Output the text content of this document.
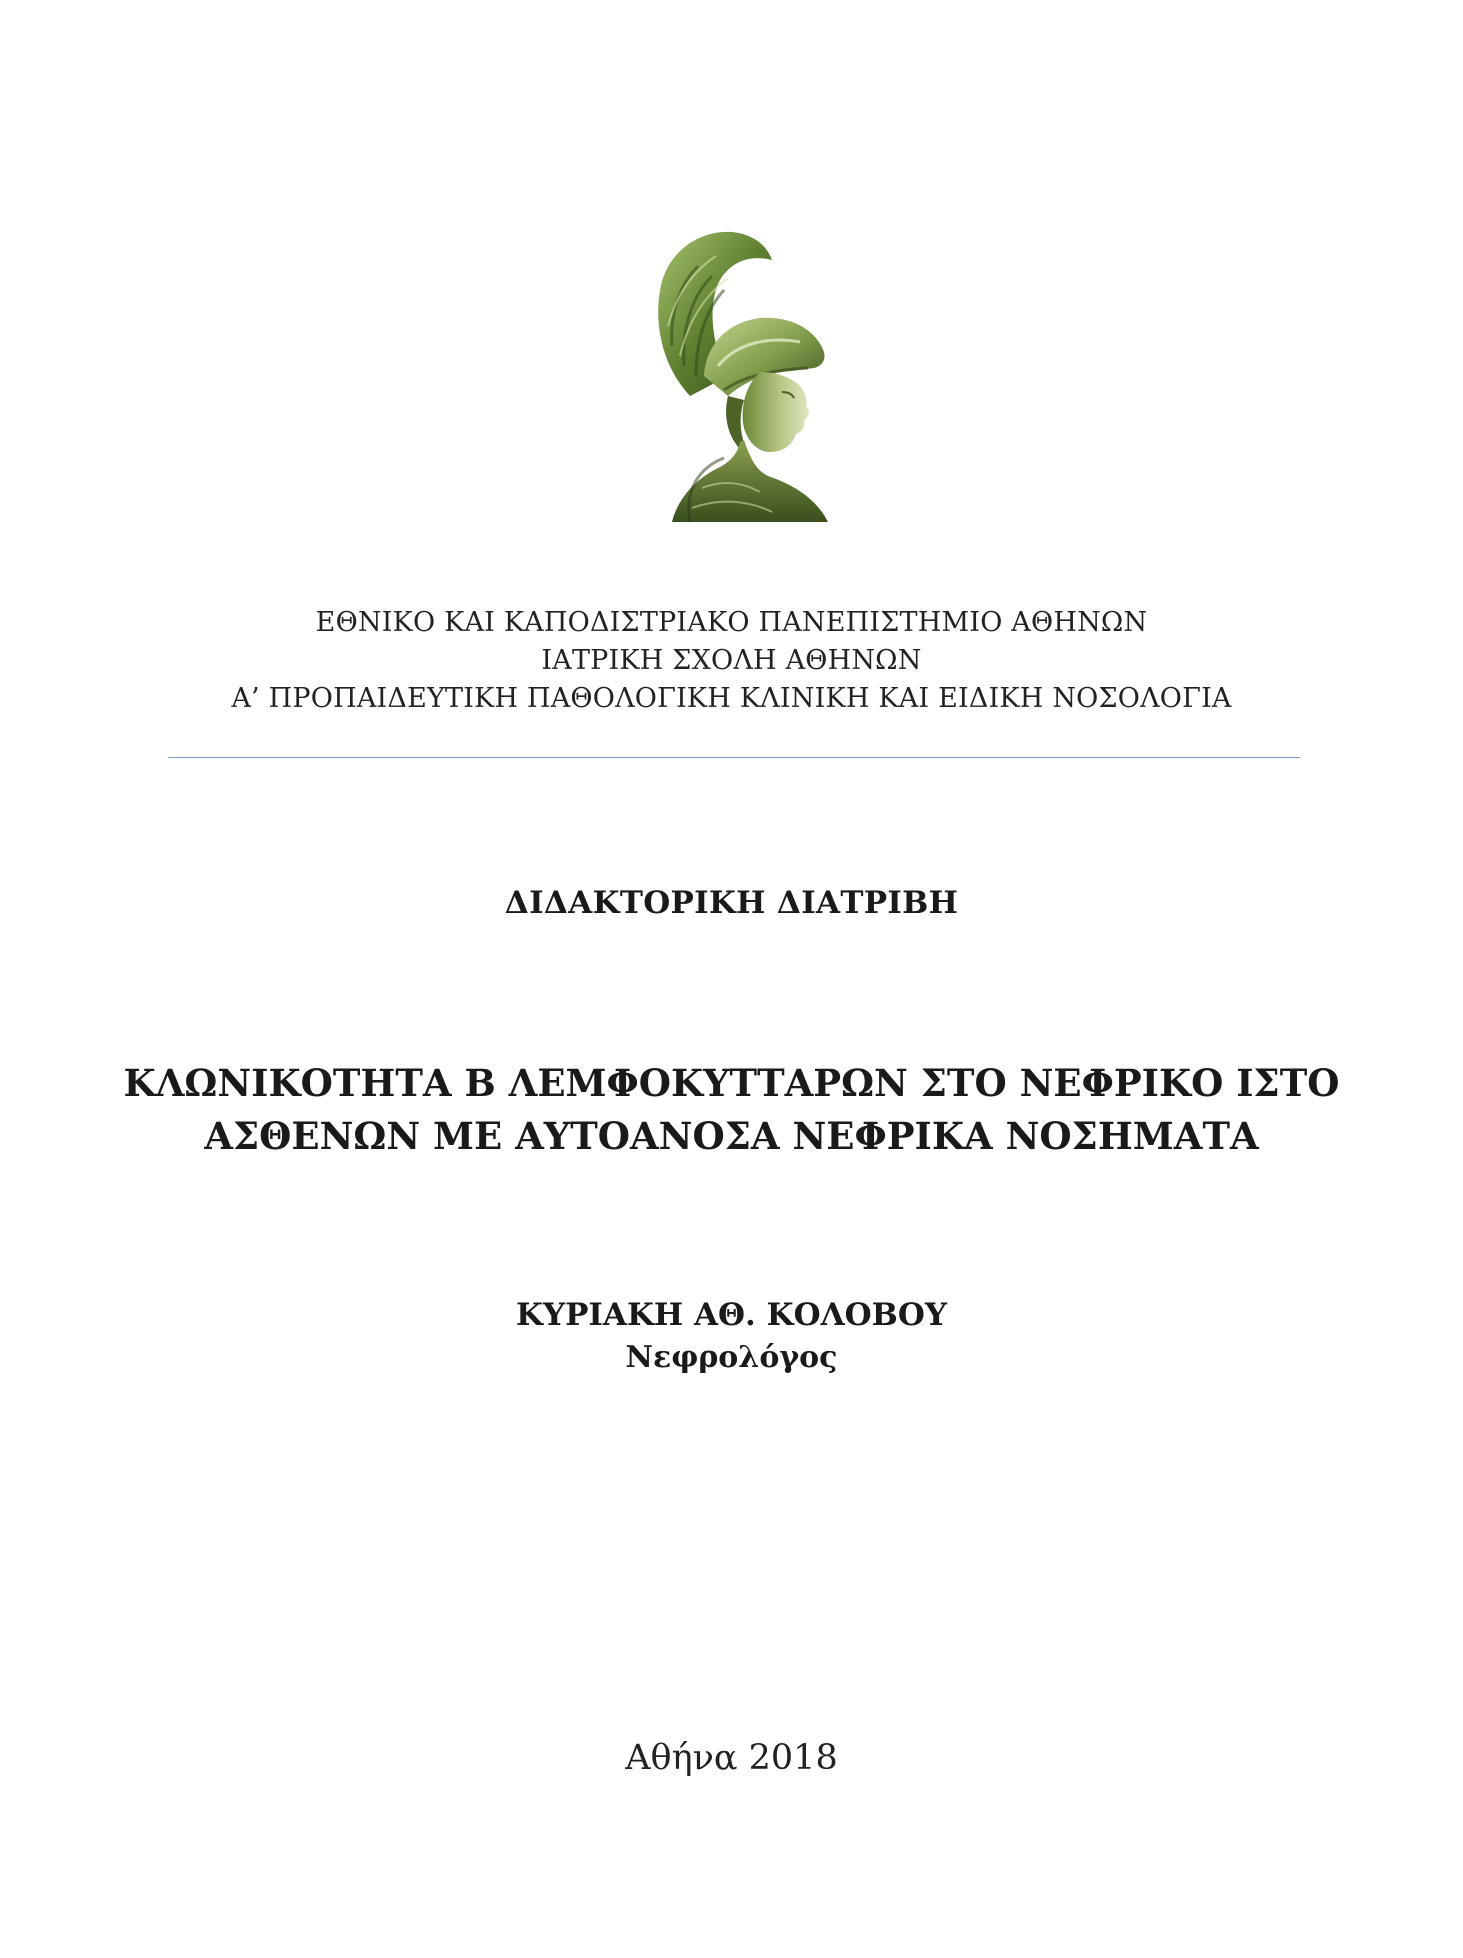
ΕΘΝΙΚΟ ΚΑΙ ΚΑΠΟΔΙΣΤΡΙΑΚΟ ΠΑΝΕΠΙΣΤΗΜΙΟ ΑΘΗΝΩΝ
ΙΑΤΡΙΚΗ ΣΧΟΛΗ ΑΘΗΝΩΝ
Α’ ΠΡΟΠΑΙΔΕΥΤΙΚΗ ΠΑΘΟΛΟΓΙΚΗ ΚΛΙΝΙΚΗ ΚΑΙ ΕΙΔΙΚΗ ΝΟΣΟΛΟΓΙΑ
ΔΙΔΑΚΤΟΡΙΚΗ ΔΙΑΤΡΙΒΗ
ΚΛΩΝΙΚΟΤΗΤΑ Β ΛΕΜΦΟΚΥΤΤΑΡΩΝ ΣΤΟ ΝΕΦΡΙΚΟ ΙΣΤΟ
ΑΣΘΕΝΩΝ ΜΕ ΑΥΤΟΑΝΟΣΑ ΝΕΦΡΙΚΑ ΝΟΣΗΜΑΤΑ
ΚΥΡΙΑΚΗ ΑΘ. ΚΟΛΟΒΟΥ
Νεφρολόγος
Αθήνα 2018
